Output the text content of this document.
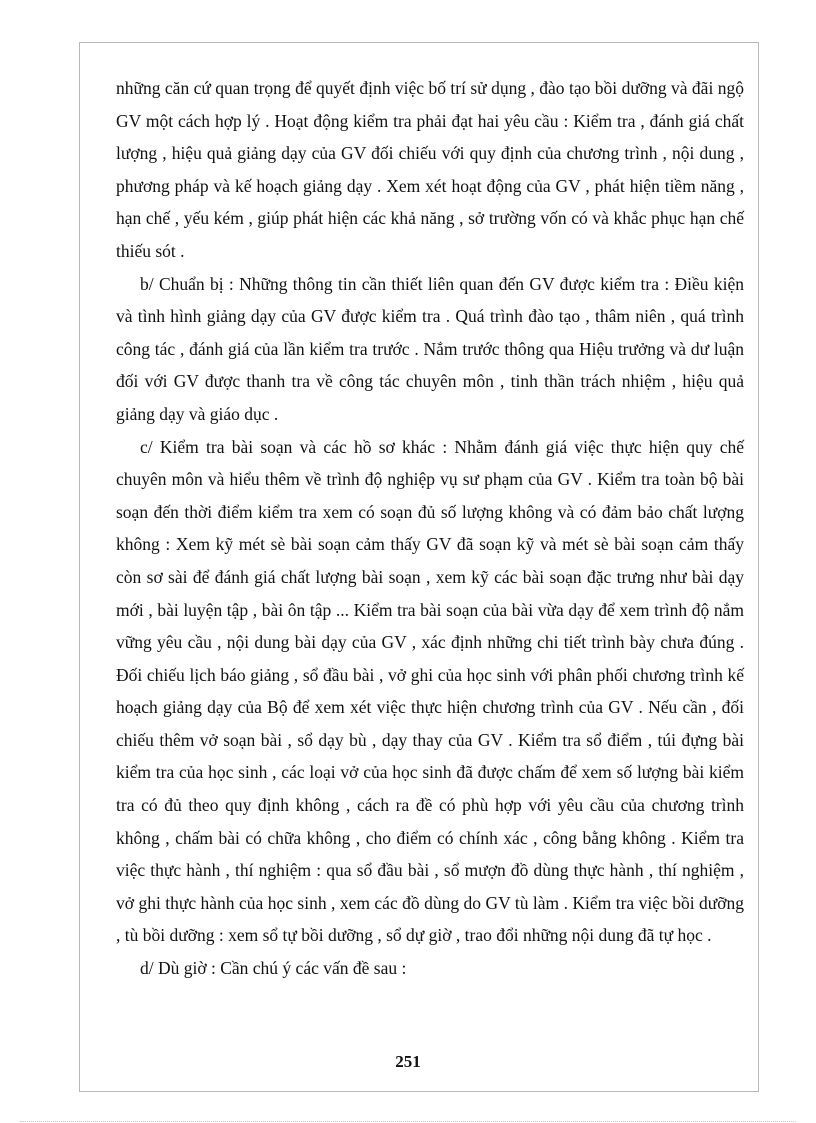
những căn cứ quan trọng để quyết định việc bố trí sử dụng , đào tạo bồi dưỡng và đãi ngộ GV một cách hợp lý . Hoạt động kiểm tra phải đạt hai yêu cầu : Kiểm tra , đánh giá chất lượng , hiệu quả giảng dạy của GV đối chiếu với quy định của chương trình , nội dung , phương pháp và kế hoạch giảng dạy . Xem xét hoạt động của GV , phát hiện tiềm năng , hạn chế , yếu kém , giúp phát hiện các khả năng , sở trường vốn có và khắc phục hạn chế thiếu sót .

b/ Chuẩn bị : Những thông tin cần thiết liên quan đến GV được kiểm tra : Điều kiện và tình hình giảng dạy của GV được kiểm tra . Quá trình đào tạo , thâm niên , quá trình công tác , đánh giá của lần kiểm tra trước . Nắm trước thông qua Hiệu trưởng và dư luận đối với GV được thanh tra về công tác chuyên môn , tinh thần trách nhiệm , hiệu quả giảng dạy và giáo dục .

c/ Kiểm tra bài soạn và các hồ sơ khác : Nhằm đánh giá việc thực hiện quy chế chuyên môn và hiểu thêm về trình độ nghiệp vụ sư phạm của GV . Kiểm tra toàn bộ bài soạn đến thời điểm kiểm tra xem có soạn đủ số lượng không và có đảm bảo chất lượng không : Xem kỹ mét sè bài soạn cảm thấy GV đã soạn kỹ và mét sè bài soạn cảm thấy còn sơ sài để đánh giá chất lượng bài soạn , xem kỹ các bài soạn đặc trưng như bài dạy mới , bài luyện tập , bài ôn tập ... Kiểm tra bài soạn của bài vừa dạy để xem trình độ nắm vững yêu cầu , nội dung bài dạy của GV , xác định những chi tiết trình bày chưa đúng . Đối chiếu lịch báo giảng , sổ đầu bài , vở ghi của học sinh với phân phối chương trình kế hoạch giảng dạy của Bộ để xem xét việc thực hiện chương trình của GV . Nếu cần , đối chiếu thêm vở soạn bài , sổ dạy bù , dạy thay của GV . Kiểm tra sổ điểm , túi đựng bài kiểm tra của học sinh , các loại vở của học sinh đã được chấm để xem số lượng bài kiểm tra có đủ theo quy định không , cách ra đề có phù hợp với yêu cầu của chương trình không , chấm bài có chữa không , cho điểm có chính xác , công bằng không . Kiểm tra việc thực hành , thí nghiệm : qua sổ đầu bài , sổ mượn đồ dùng thực hành , thí nghiệm , vở ghi thực hành của học sinh , xem các đồ dùng do GV tù làm . Kiểm tra việc bồi dưỡng , tù bồi dưỡng : xem sổ tự bồi dưỡng , sổ dự giờ , trao đổi những nội dung đã tự học .

d/ Dù giờ : Cần chú ý các vấn đề sau :

251
